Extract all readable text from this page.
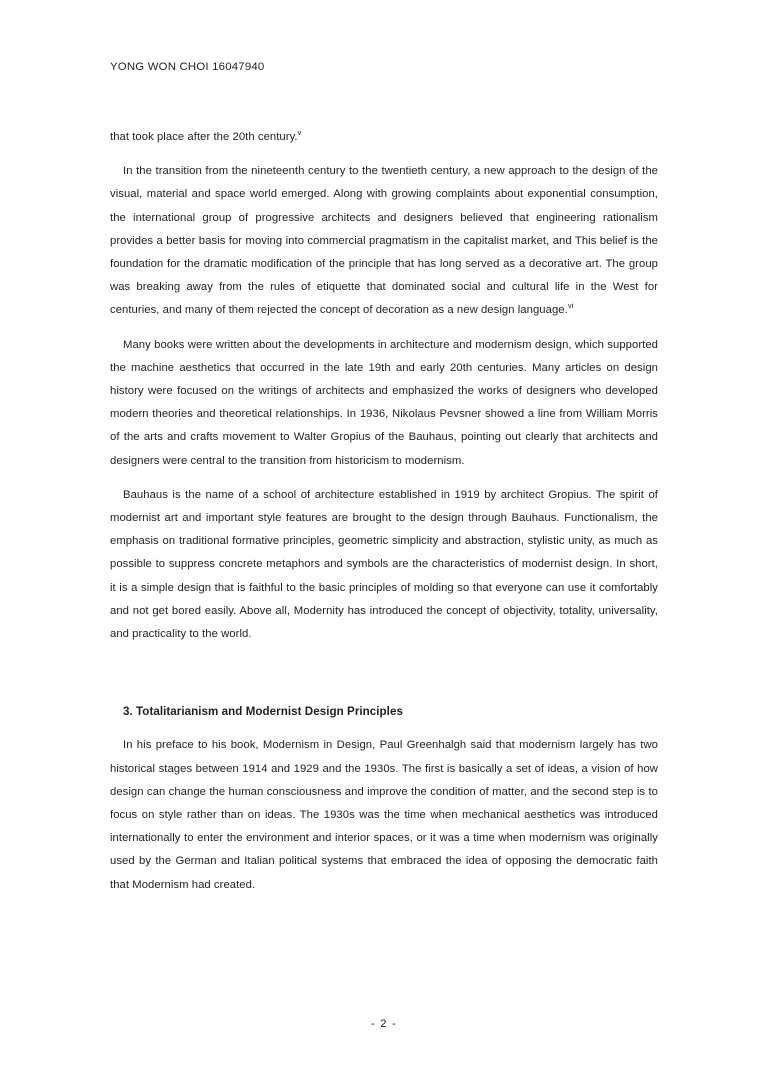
YONG WON CHOI 16047940

that took place after the 20th century.$^v$

In the transition from the nineteenth century to the twentieth century, a new approach to the design of the visual, material and space world emerged. Along with growing complaints about exponential consumption, the international group of progressive architects and designers believed that engineering rationalism provides a better basis for moving into commercial pragmatism in the capitalist market, and This belief is the foundation for the dramatic modification of the principle that has long served as a decorative art. The group was breaking away from the rules of etiquette that dominated social and cultural life in the West for centuries, and many of them rejected the concept of decoration as a new design language.$^{vi}$

Many books were written about the developments in architecture and modernism design, which supported the machine aesthetics that occurred in the late 19th and early 20th centuries. Many articles on design history were focused on the writings of architects and emphasized the works of designers who developed modern theories and theoretical relationships. In 1936, Nikolaus Pevsner showed a line from William Morris of the arts and crafts movement to Walter Gropius of the Bauhaus, pointing out clearly that architects and designers were central to the transition from historicism to modernism.

Bauhaus is the name of a school of architecture established in 1919 by architect Gropius. The spirit of modernist art and important style features are brought to the design through Bauhaus. Functionalism, the emphasis on traditional formative principles, geometric simplicity and abstraction, stylistic unity, as much as possible to suppress concrete metaphors and symbols are the characteristics of modernist design. In short, it is a simple design that is faithful to the basic principles of molding so that everyone can use it comfortably and not get bored easily. Above all, Modernity has introduced the concept of objectivity, totality, universality, and practicality to the world.

3. Totalitarianism and Modernist Design Principles

In his preface to his book, Modernism in Design, Paul Greenhalgh said that modernism largely has two historical stages between 1914 and 1929 and the 1930s. The first is basically a set of ideas, a vision of how design can change the human consciousness and improve the condition of matter, and the second step is to focus on style rather than on ideas. The 1930s was the time when mechanical aesthetics was introduced internationally to enter the environment and interior spaces, or it was a time when modernism was originally used by the German and Italian political systems that embraced the idea of opposing the democratic faith that Modernism had created.

- 2 -
